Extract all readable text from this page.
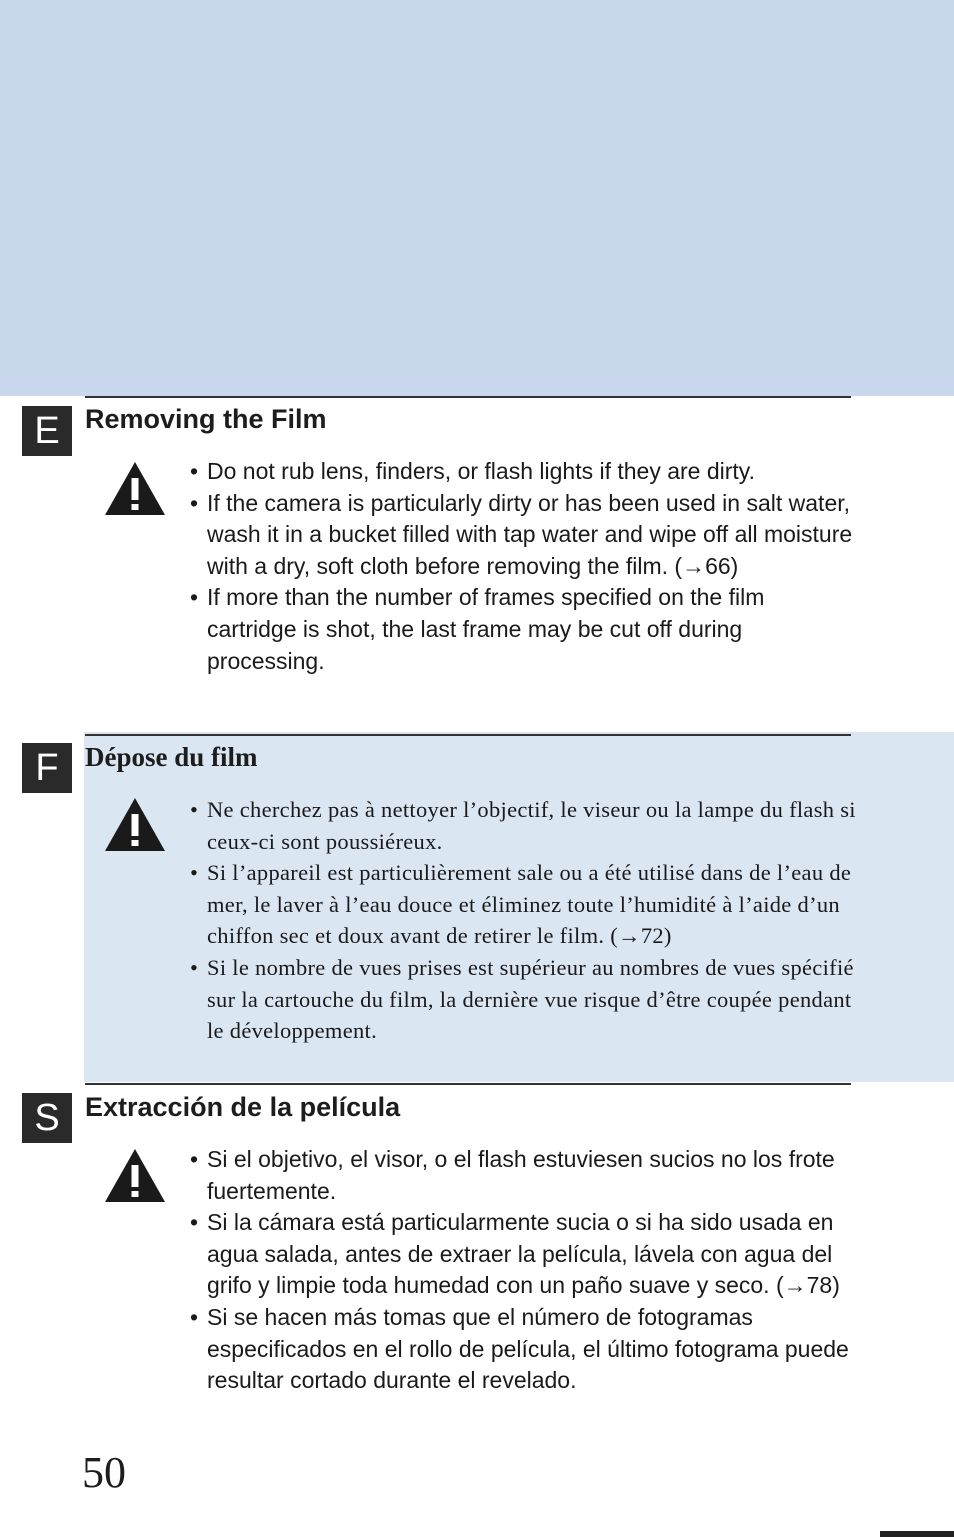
E Removing the Film
• Do not rub lens, finders, or flash lights if they are dirty.
• If the camera is particularly dirty or has been used in salt water, wash it in a bucket filled with tap water and wipe off all moisture with a dry, soft cloth before removing the film. (→66)
• If more than the number of frames specified on the film cartridge is shot, the last frame may be cut off during processing.
F Dépose du film
• Ne cherchez pas à nettoyer l’objectif, le viseur ou la lampe du flash si ceux-ci sont poussiéreux.
• Si l’appareil est particulièrement sale ou a été utilisé dans de l’eau de mer, le laver à l’eau douce et éliminez toute l’humidité à l’aide d’un chiffon sec et doux avant de retirer le film. (→72)
• Si le nombre de vues prises est supérieur au nombres de vues spécifié sur la cartouche du film, la dernière vue risque d’être coupée pendant le développement.
S Extracción de la película
• Si el objetivo, el visor, o el flash estuviesen sucios no los frote fuertemente.
• Si la cámara está particularmente sucia o si ha sido usada en agua salada, antes de extraer la película, lávela con agua del grifo y limpie toda humedad con un paño suave y seco. (→78)
• Si se hacen más tomas que el número de fotogramas especificados en el rollo de película, el último fotograma puede resultar cortado durante el revelado.
50
